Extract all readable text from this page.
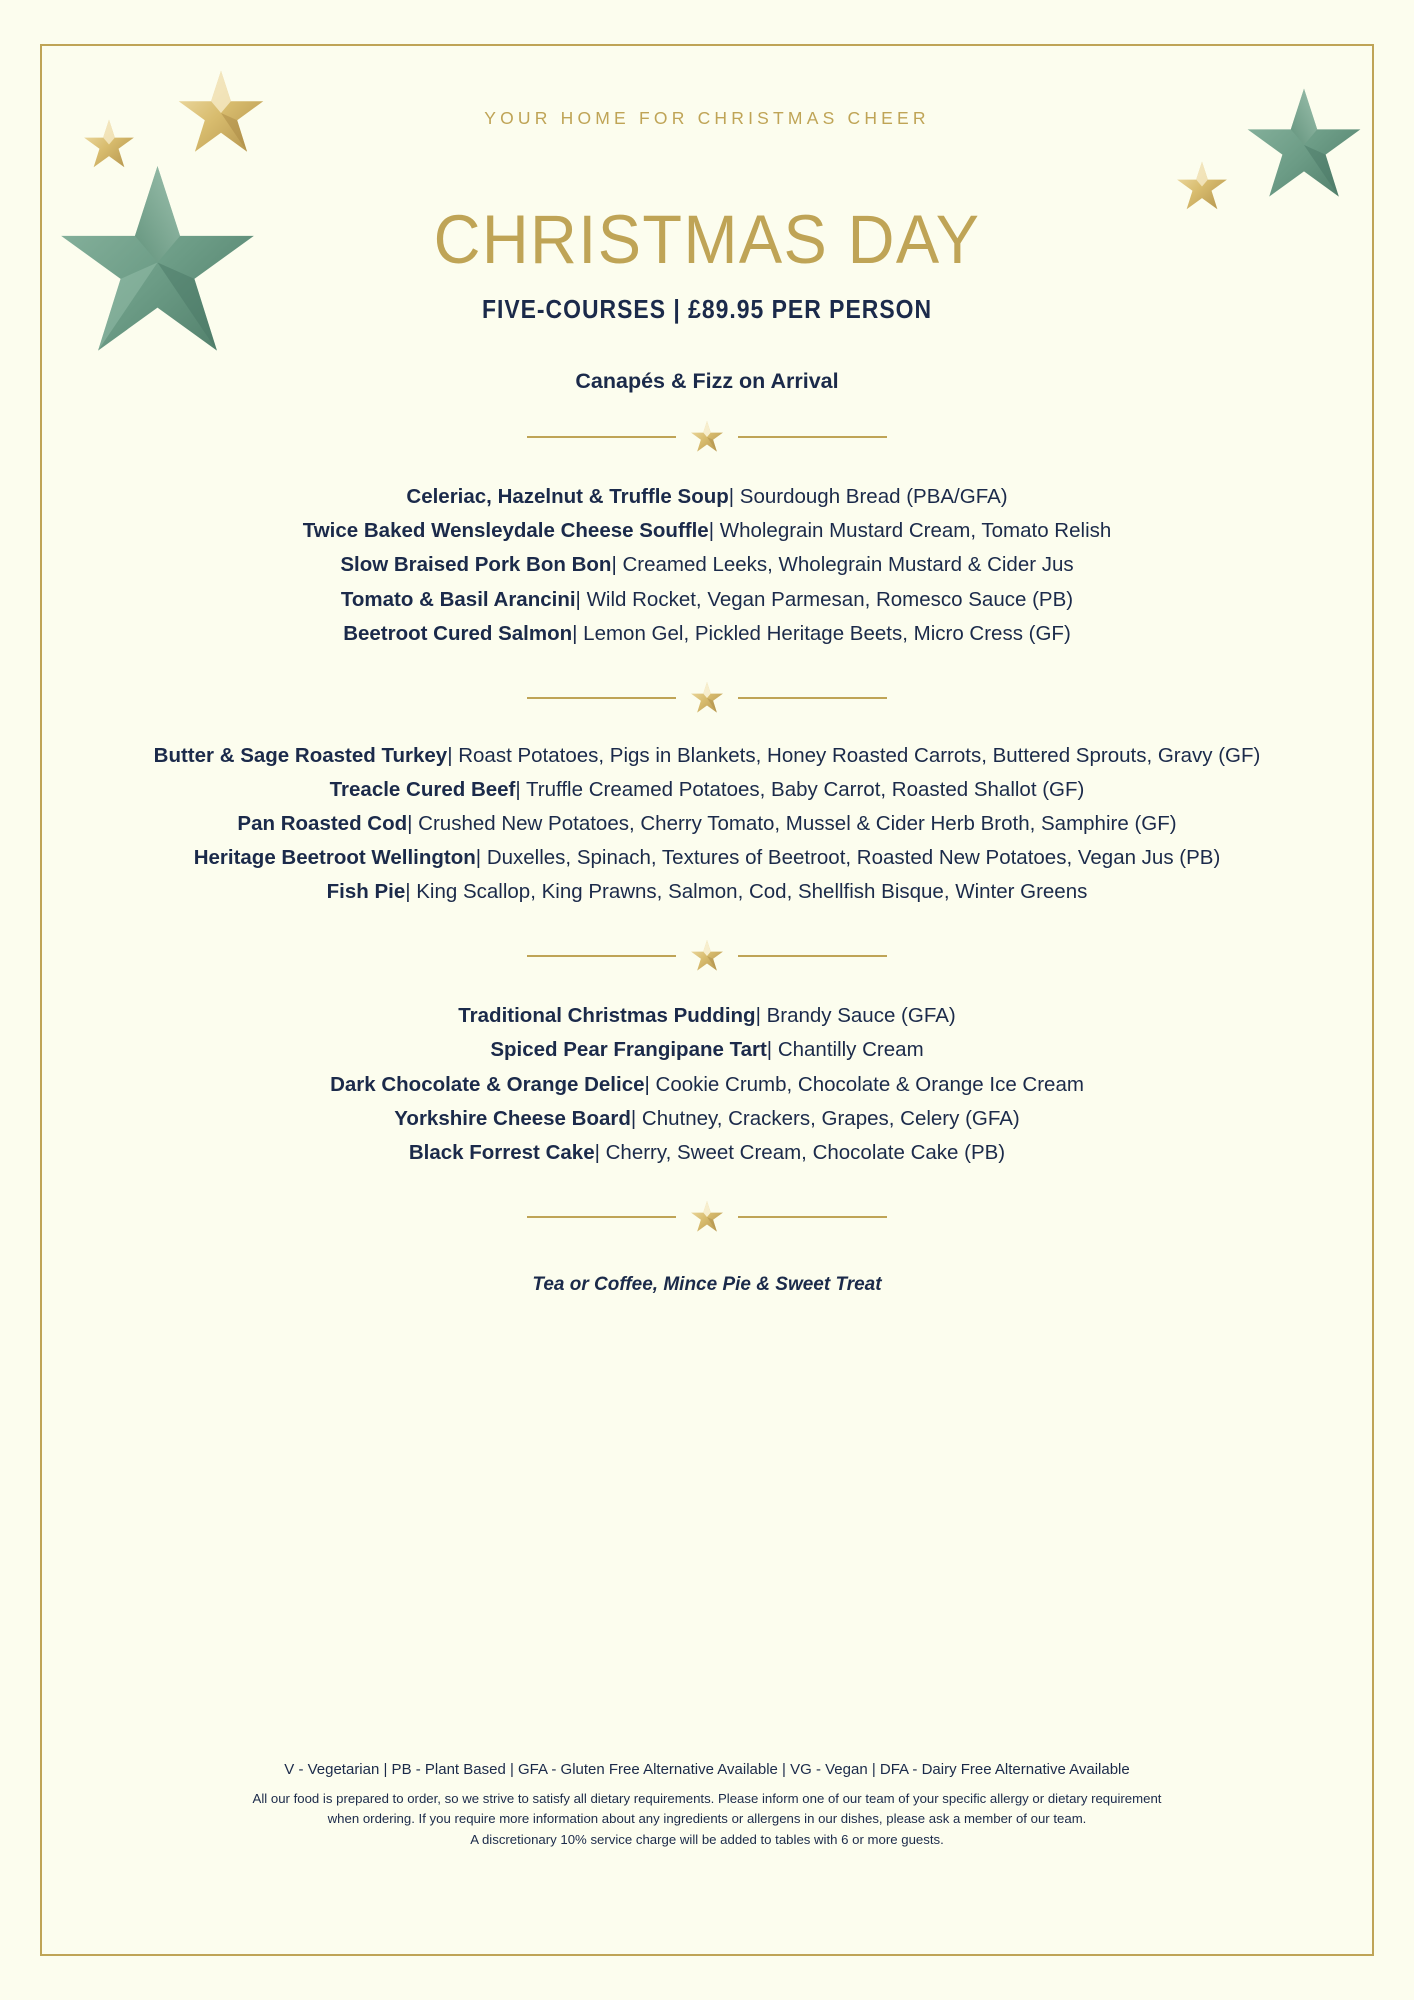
YOUR HOME FOR CHRISTMAS CHEER

CHRISTMAS DAY

FIVE-COURSES | £89.95 PER PERSON

Canapés & Fizz on Arrival

Celeriac, Hazelnut & Truffle Soup| Sourdough Bread (PBA/GFA)
Twice Baked Wensleydale Cheese Souffle| Wholegrain Mustard Cream, Tomato Relish
Slow Braised Pork Bon Bon| Creamed Leeks, Wholegrain Mustard & Cider Jus
Tomato & Basil Arancini| Wild Rocket, Vegan Parmesan, Romesco Sauce (PB)
Beetroot Cured Salmon| Lemon Gel, Pickled Heritage Beets, Micro Cress (GF)
Butter & Sage Roasted Turkey| Roast Potatoes, Pigs in Blankets, Honey Roasted Carrots, Buttered Sprouts, Gravy (GF)
Treacle Cured Beef| Truffle Creamed Potatoes, Baby Carrot, Roasted Shallot (GF)
Pan Roasted Cod| Crushed New Potatoes, Cherry Tomato, Mussel & Cider Herb Broth, Samphire (GF)
Heritage Beetroot Wellington| Duxelles, Spinach, Textures of Beetroot, Roasted New Potatoes, Vegan Jus (PB)
Fish Pie| King Scallop, King Prawns, Salmon, Cod, Shellfish Bisque, Winter Greens
Traditional Christmas Pudding| Brandy Sauce (GFA)
Spiced Pear Frangipane Tart| Chantilly Cream
Dark Chocolate & Orange Delice| Cookie Crumb, Chocolate & Orange Ice Cream
Yorkshire Cheese Board| Chutney, Crackers, Grapes, Celery (GFA)
Black Forrest Cake| Cherry, Sweet Cream, Chocolate Cake (PB)

Tea or Coffee, Mince Pie & Sweet Treat

V - Vegetarian | PB - Plant Based | GFA - Gluten Free Alternative Available | VG - Vegan | DFA - Dairy Free Alternative Available

All our food is prepared to order, so we strive to satisfy all dietary requirements. Please inform one of our team of your specific allergy or dietary requirement

when ordering. If you require more information about any ingredients or allergens in our dishes, please ask a member of our team.

A discretionary 10% service charge will be added to tables with 6 or more guests.
